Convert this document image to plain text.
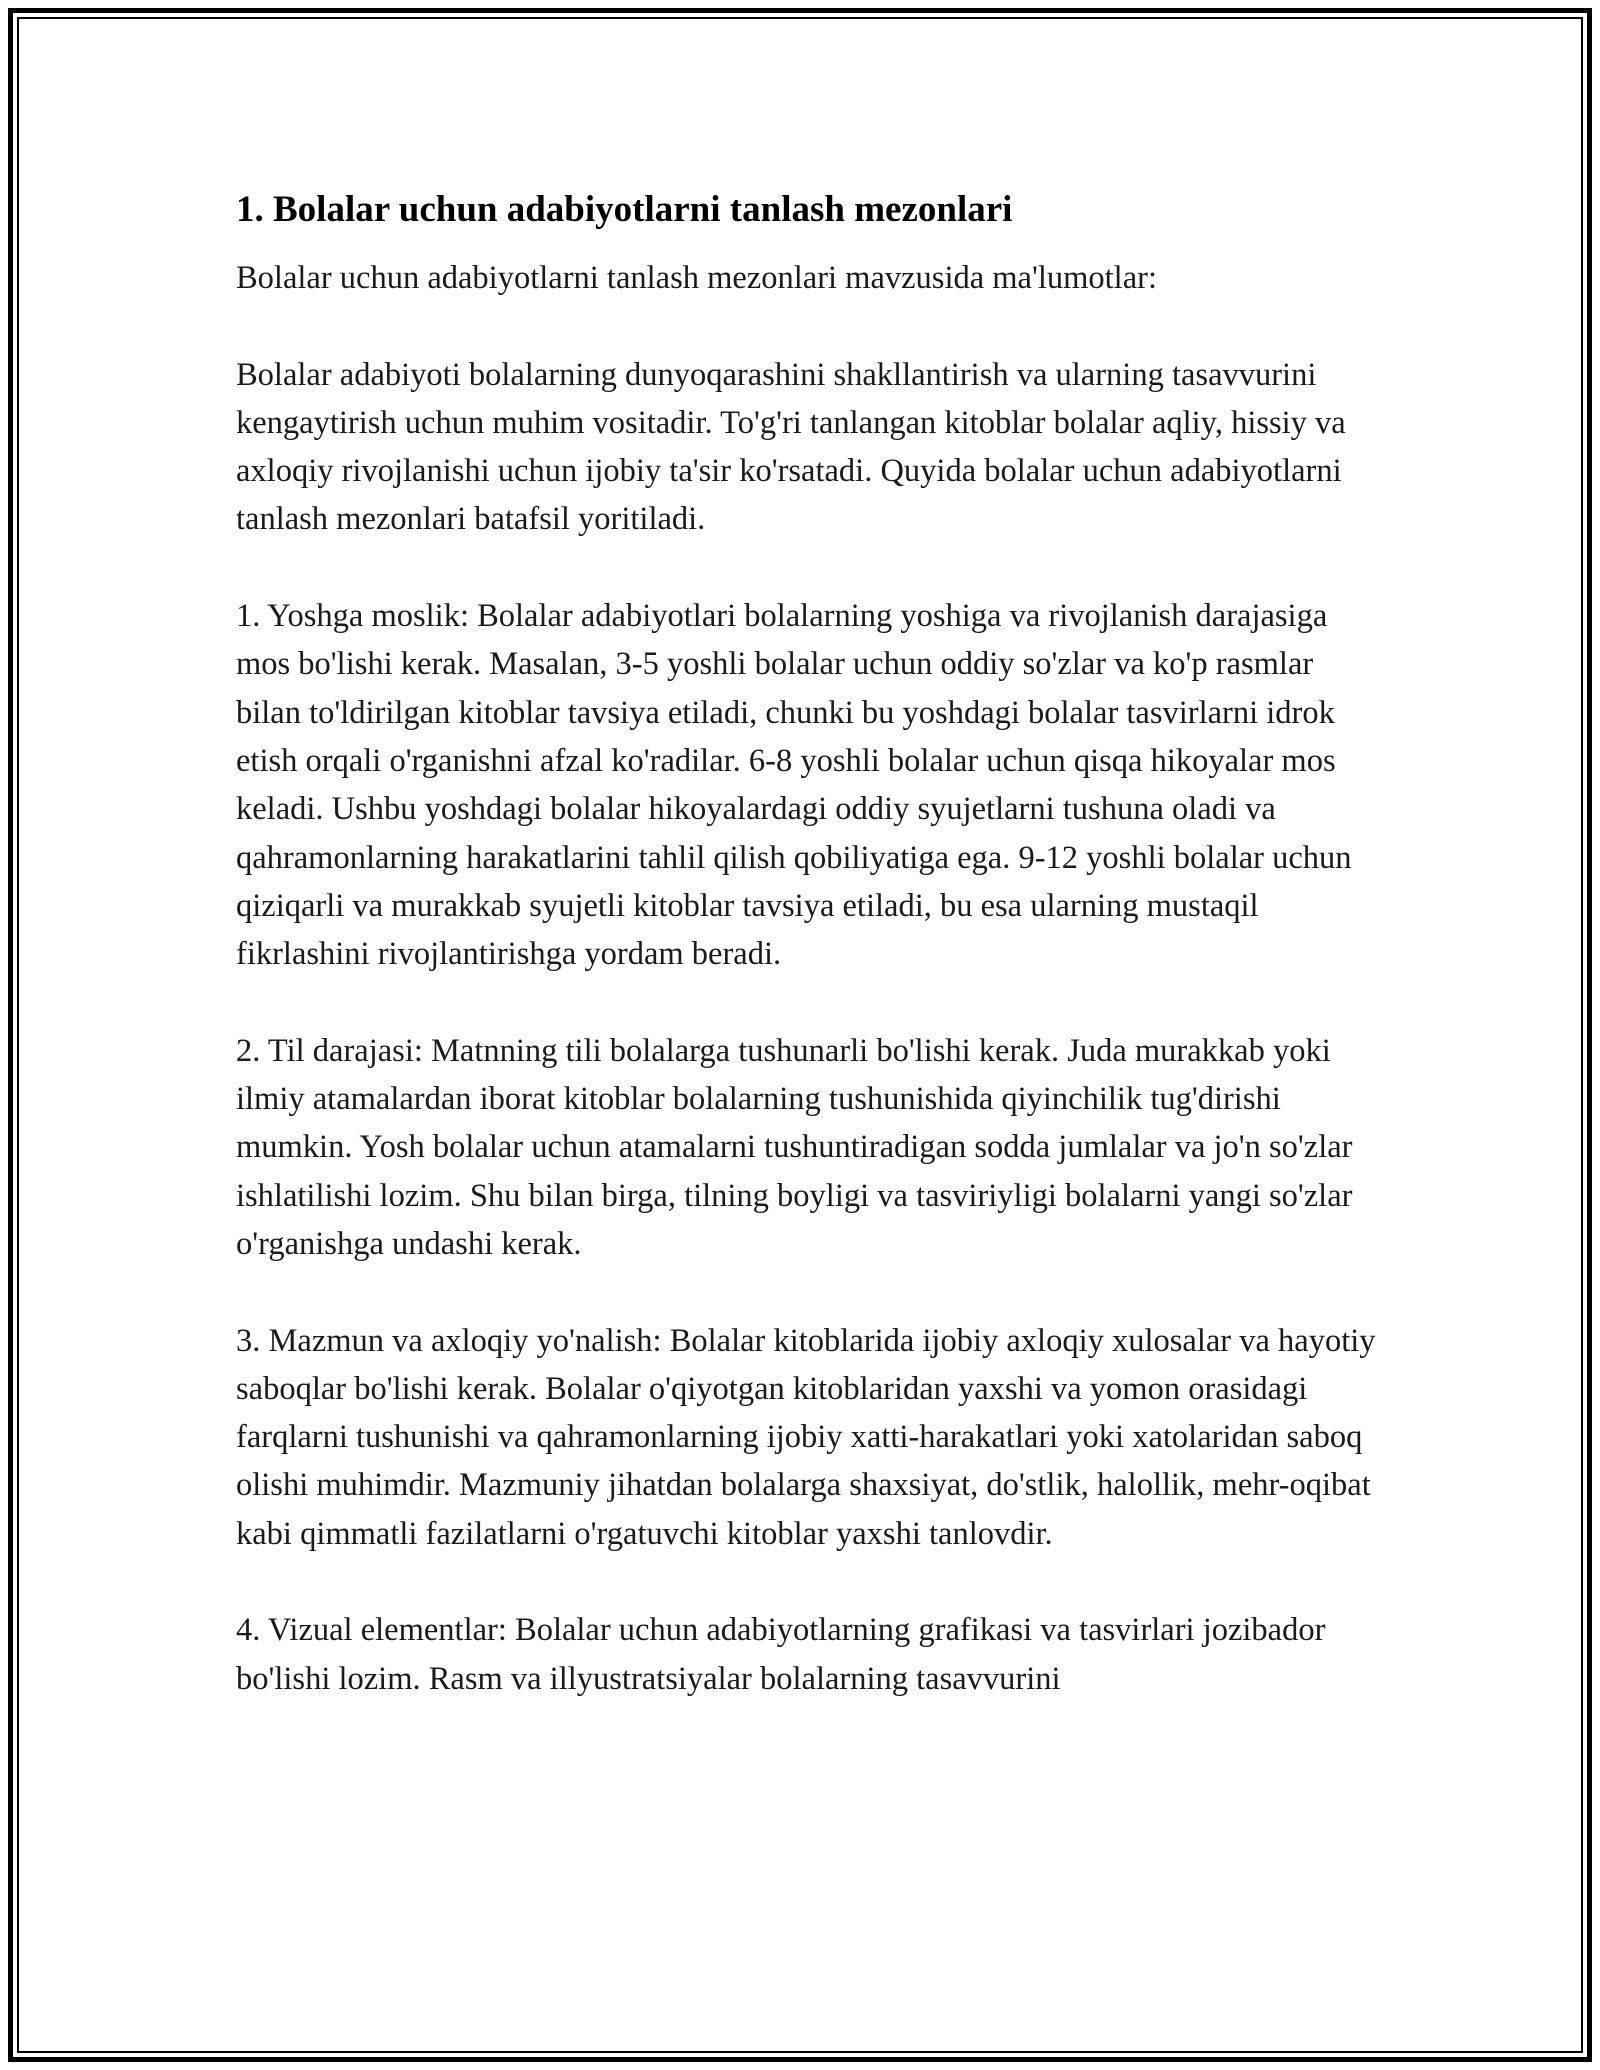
1. Bolalar uchun adabiyotlarni tanlash mezonlari

Bolalar uchun adabiyotlarni tanlash mezonlari mavzusida ma'lumotlar:

Bolalar adabiyoti bolalarning dunyoqarashini shakllantirish va ularning tasavvurini kengaytirish uchun muhim vositadir. To'g'ri tanlangan kitoblar bolalar aqliy, hissiy va axloqiy rivojlanishi uchun ijobiy ta'sir ko'rsatadi. Quyida bolalar uchun adabiyotlarni tanlash mezonlari batafsil yoritiladi.

1. Yoshga moslik: Bolalar adabiyotlari bolalarning yoshiga va rivojlanish darajasiga mos bo'lishi kerak. Masalan, 3-5 yoshli bolalar uchun oddiy so'zlar va ko'p rasmlar bilan to'ldirilgan kitoblar tavsiya etiladi, chunki bu yoshdagi bolalar tasvirlarni idrok etish orqali o'rganishni afzal ko'radilar. 6-8 yoshli bolalar uchun qisqa hikoyalar mos keladi. Ushbu yoshdagi bolalar hikoyalardagi oddiy syujetlarni tushuna oladi va qahramonlarning harakatlarini tahlil qilish qobiliyatiga ega. 9-12 yoshli bolalar uchun qiziqarli va murakkab syujetli kitoblar tavsiya etiladi, bu esa ularning mustaqil fikrlashini rivojlantirishga yordam beradi.

2. Til darajasi: Matnning tili bolalarga tushunarli bo'lishi kerak. Juda murakkab yoki ilmiy atamalardan iborat kitoblar bolalarning tushunishida qiyinchilik tug'dirishi mumkin. Yosh bolalar uchun atamalarni tushuntiradigan sodda jumlalar va jo'n so'zlar ishlatilishi lozim. Shu bilan birga, tilning boyligi va tasviriyligi bolalarni yangi so'zlar o'rganishga undashi kerak.

3. Mazmun va axloqiy yo'nalish: Bolalar kitoblarida ijobiy axloqiy xulosalar va hayotiy saboqlar bo'lishi kerak. Bolalar o'qiyotgan kitoblaridan yaxshi va yomon orasidagi farqlarni tushunishi va qahramonlarning ijobiy xatti-harakatlari yoki xatolaridan saboq olishi muhimdir. Mazmuniy jihatdan bolalarga shaxsiyat, do'stlik, halollik, mehr-oqibat kabi qimmatli fazilatlarni o'rgatuvchi kitoblar yaxshi tanlovdir.

4. Vizual elementlar: Bolalar uchun adabiyotlarning grafikasi va tasvirlari jozibador bo'lishi lozim. Rasm va illyustratsiyalar bolalarning tasavvurini
